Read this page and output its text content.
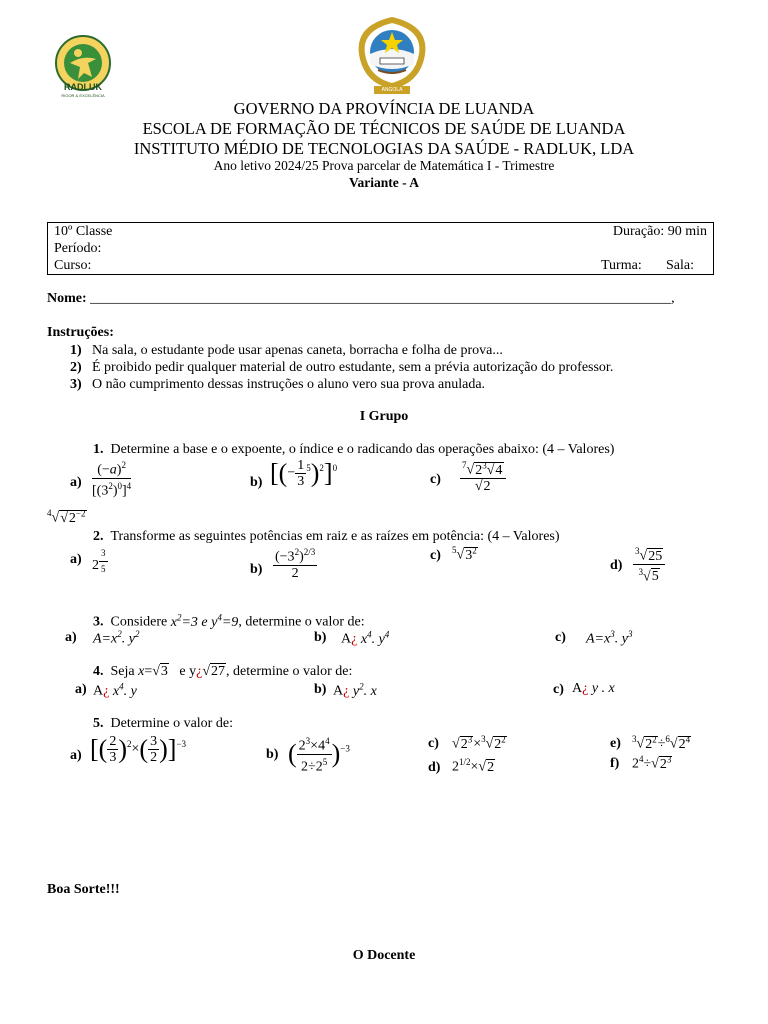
RADLUK
RIGOR & EXCELÊNCIA
ANGOLA
GOVERNO DA PROVÍNCIA DE LUANDA
ESCOLA DE FORMAÇÃO DE TÉCNICOS DE SAÚDE DE LUANDA
INSTITUTO MÉDIO DE TECNOLOGIAS DA SAÚDE - RADLUK, LDA
Ano letivo 2024/25 Prova parcelar de Matemática I - Trimestre
Variante - A
10º Classe	Duração: 90 min
Período:
Curso:	Turma: Sala:
Nome: ___________________________________________________________________________________,
Instruções:
1) Na sala, o estudante pode usar apenas caneta, borracha e folha de prova...
2) É proibido pedir qualquer material de outro estudante, sem a prévia autorização do professor.
3) O não cumprimento dessas instruções o aluno vero sua prova anulada.
I Grupo
1. Determine a base e o expoente, o índice e o radicando das operações abaixo: (4 – Valores)
$a) \frac{(-a)^2}{[(3^2)^0]^4}$	b) [(− $\frac{1}{3} ^5)^2]^0$
$c) \frac{^7√2^3√4}{√2}$
$^4√√2^{-2}$
2. Transforme as seguintes potências em raiz e as raízes em potência: (4 – Valores)
a) 2 $^{\frac{3}{5}}$	$b) \frac{(-3^2)^{2/3}}{2}$	c) $^5√3^2$
$d) \frac{^3√25}{^3√5}$
3. Considere $x^2=3$ e $y^4=9$, determine o valor de:
a) $A=x^2$. $y^2$	b) A¿ $x^4$. $y^4$	c) $A=x^3$. $y^3$
4. Seja x=√3 e y¿√27, determine o valor de:
a) A¿ $x^4$. y	b) A¿ $y^2$. x	c) A¿ y . x
5. Determine o valor de:
a) [( $\frac{2}{3} )^2\times( \frac{3}{2} )]^{-3}$
b) ( $\frac{2^3\times 4^4}{2\div 2^5} )^{-3}$	c) $√2^3\times^3√2^2$
d) $2^{1/2}\times√2$
e) $^3√2^2\div^6√2^4$
f) $2^4\div√2^3$
Boa Sorte!!!
O Docente
